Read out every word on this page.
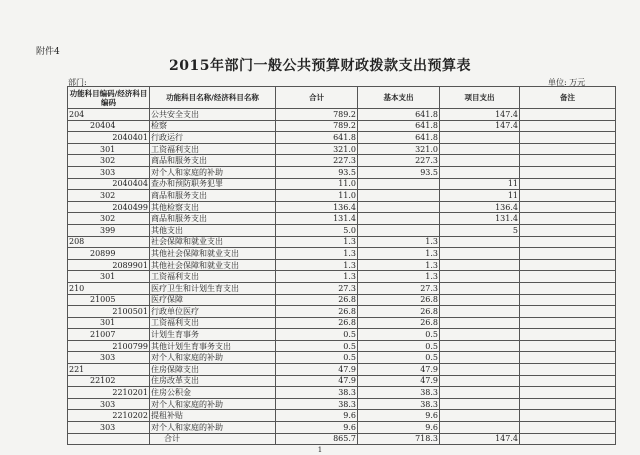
附件4
2015年部门一般公共预算财政拨款支出预算表
部门:	单位: 万元
功能科目编码/经济科目编码	功能科目名称/经济科目名称	合计	基本支出	项目支出	备注
204	公共安全支出	789.2	641.8	147.4	
20404	检察	789.2	641.8	147.4	
2040401	行政运行	641.8	641.8		
301	工资福利支出	321.0	321.0		
302	商品和服务支出	227.3	227.3		
303	对个人和家庭的补助	93.5	93.5		
2040404	查办和预防职务犯罪	11.0		11	
302	商品和服务支出	11.0		11	
2040499	其他检察支出	136.4		136.4	
302	商品和服务支出	131.4		131.4	
399	其他支出	5.0		5	
208	社会保障和就业支出	1.3	1.3		
20899	其他社会保障和就业支出	1.3	1.3		
2089901	其他社会保障和就业支出	1.3	1.3		
301	工资福利支出	1.3	1.3		
210	医疗卫生和计划生育支出	27.3	27.3		
21005	医疗保障	26.8	26.8		
2100501	行政单位医疗	26.8	26.8		
301	工资福利支出	26.8	26.8		
21007	计划生育事务	0.5	0.5		
2100799	其他计划生育事务支出	0.5	0.5		
303	对个人和家庭的补助	0.5	0.5		
221	住房保障支出	47.9	47.9		
22102	住房改革支出	47.9	47.9		
2210201	住房公积金	38.3	38.3		
303	对个人和家庭的补助	38.3	38.3		
2210202	提租补贴	9.6	9.6		
303	对个人和家庭的补助	9.6	9.6		
	合计	865.7	718.3	147.4	
1
